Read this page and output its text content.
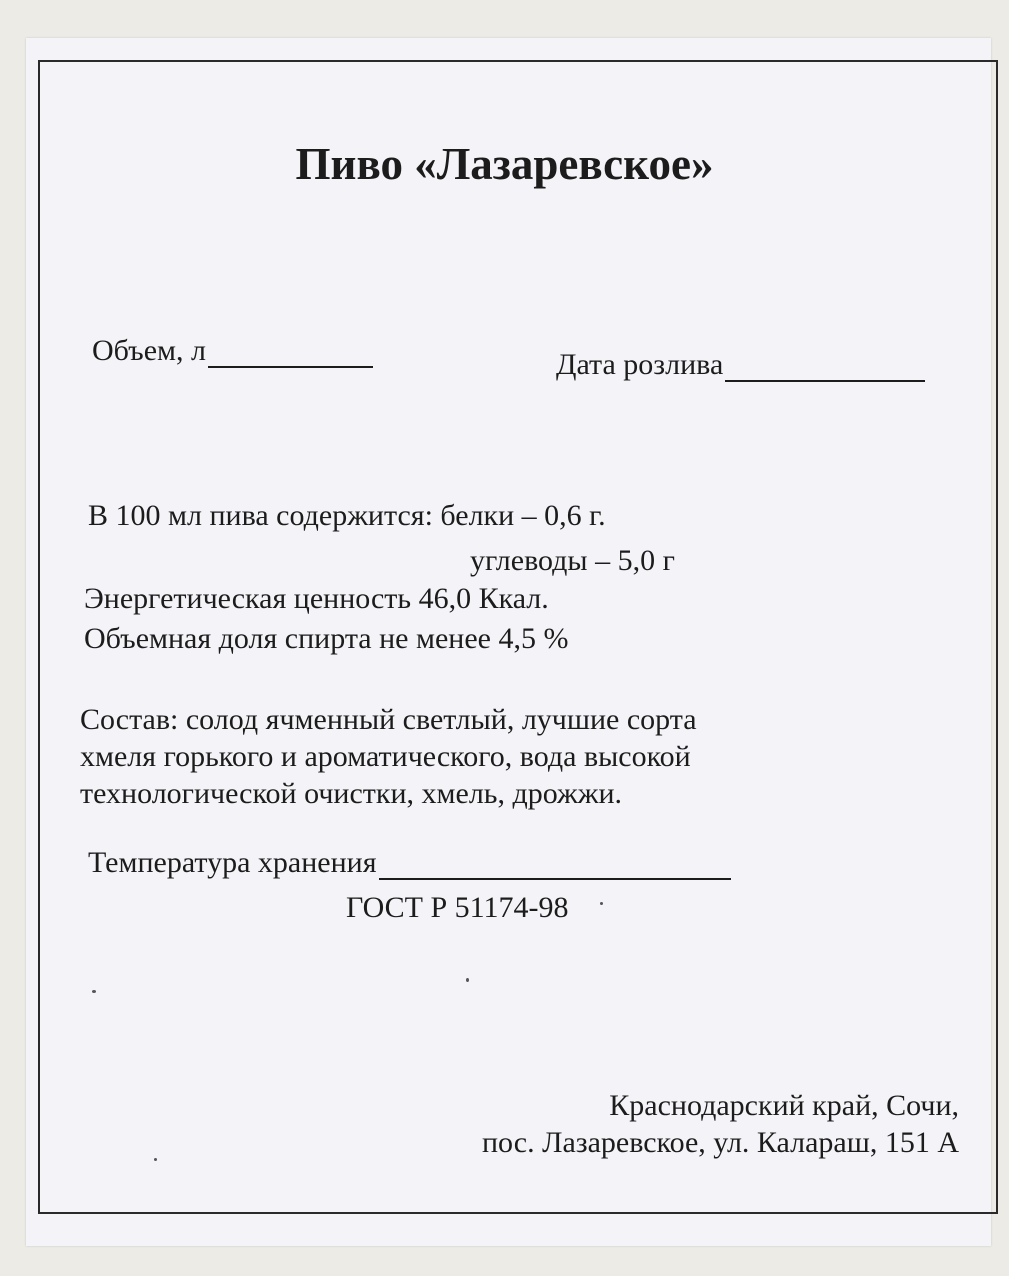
Пиво «Лазаревское»
Объем, л	Дата розлива
В 100 мл пива содержится: белки – 0,6 г.
углеводы – 5,0 г
Энергетическая ценность 46,0 Ккал.
Объемная доля спирта не менее 4,5 %
Состав: солод ячменный светлый, лучшие сорта
хмеля горького и ароматического, вода высокой
технологической очистки, хмель, дрожжи.
Температура хранения
ГОСТ Р 51174-98
Краснодарский край, Сочи,
пос. Лазаревское, ул. Калараш, 151 А
